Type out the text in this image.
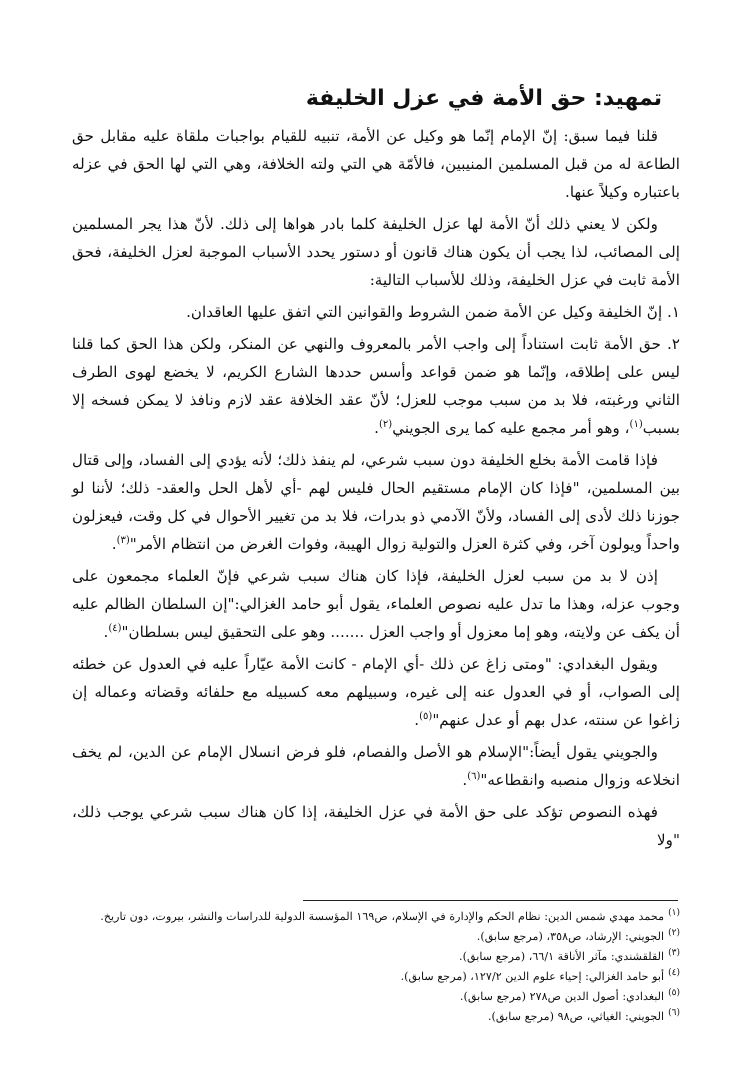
تمهيد: حق الأمة في عزل الخليفة

قلنا فيما سبق: إنّ الإمام إنّما هو وكيل عن الأمة، تنبيه للقيام بواجبات ملقاة عليه مقابل حق الطاعة له من قبل المسلمين المنيبين، فالأمّة هي التي ولته الخلافة، وهي التي لها الحق في عزله باعتباره وكيلاً عنها.

ولكن لا يعني ذلك أنّ الأمة لها عزل الخليفة كلما بادر هواها إلى ذلك. لأنّ هذا يجر المسلمين إلى المصائب، لذا يجب أن يكون هناك قانون أو دستور يحدد الأسباب الموجبة لعزل الخليفة، فحق الأمة ثابت في عزل الخليفة، وذلك للأسباب التالية:

١. إنّ الخليفة وكيل عن الأمة ضمن الشروط والقوانين التي اتفق عليها العاقدان.

٢. حق الأمة ثابت استناداً إلى واجب الأمر بالمعروف والنهي عن المنكر، ولكن هذا الحق كما قلنا ليس على إطلاقه، وإنّما هو ضمن قواعد وأسس حددها الشارع الكريم، لا يخضع لهوى الطرف الثاني ورغبته، فلا بد من سبب موجب للعزل؛ لأنّ عقد الخلافة عقد لازم ونافذ لا يمكن فسخه إلا بسبب$^{(١)}$، وهو أمر مجمع عليه كما يرى الجويني$^{(٢)}$.

فإذا قامت الأمة بخلع الخليفة دون سبب شرعي، لم ينفذ ذلك؛ لأنه يؤدي إلى الفساد، وإلى قتال بين المسلمين، "فإذا كان الإمام مستقيم الحال فليس لهم -أي لأهل الحل والعقد- ذلك؛ لأننا لو جوزنا ذلك لأدى إلى الفساد، ولأنّ الآدمي ذو بدرات، فلا بد من تغيير الأحوال في كل وقت، فيعزلون واحداً ويولون آخر، وفي كثرة العزل والتولية زوال الهيبة، وفوات الغرض من انتظام الأمر"$^{(٣)}$.

إذن لا بد من سبب لعزل الخليفة، فإذا كان هناك سبب شرعي فإنّ العلماء مجمعون على وجوب عزله، وهذا ما تدل عليه نصوص العلماء، يقول أبو حامد الغزالي:"إن السلطان الظالم عليه أن يكف عن ولايته، وهو إما معزول أو واجب العزل ....... وهو على التحقيق ليس بسلطان"$^{(٤)}$.

ويقول البغدادي: "ومتى زاغ عن ذلك -أي الإمام - كانت الأمة عيّاراً عليه في العدول عن خطئه إلى الصواب، أو في العدول عنه إلى غيره، وسبيلهم معه كسبيله مع حلفائه وقضاته وعماله إن زاغوا عن سنته، عدل بهم أو عدل عنهم"$^{(٥)}$.

والجويني يقول أيضاً:"الإسلام هو الأصل والفصام، فلو فرض انسلال الإمام عن الدين، لم يخف انخلاعه وزوال منصبه وانقطاعه"$^{(٦)}$.

فهذه النصوص تؤكد على حق الأمة في عزل الخليفة، إذا كان هناك سبب شرعي يوجب ذلك، "ولا

$^{(١)}$محمد مهدي شمس الدين: نظام الحكم والإدارة في الإسلام، ص١٦٩ المؤسسة الدولية للدراسات والنشر، بيروت، دون تاريخ.
$^{(٢)}$الجويني: الإرشاد، ص٣٥٨، (مرجع سابق).
$^{(٣)}$القلقشندي: مآثر الأناقة ٦٦/١، (مرجع سابق).
$^{(٤)}$أبو حامد الغزالي: إحياء علوم الدين ١٢٧/٢، (مرجع سابق).
$^{(٥)}$البغدادي: أصول الدين ص٢٧٨ (مرجع سابق).
$^{(٦)}$الجويني: الغياثي، ص٩٨ (مرجع سابق).
